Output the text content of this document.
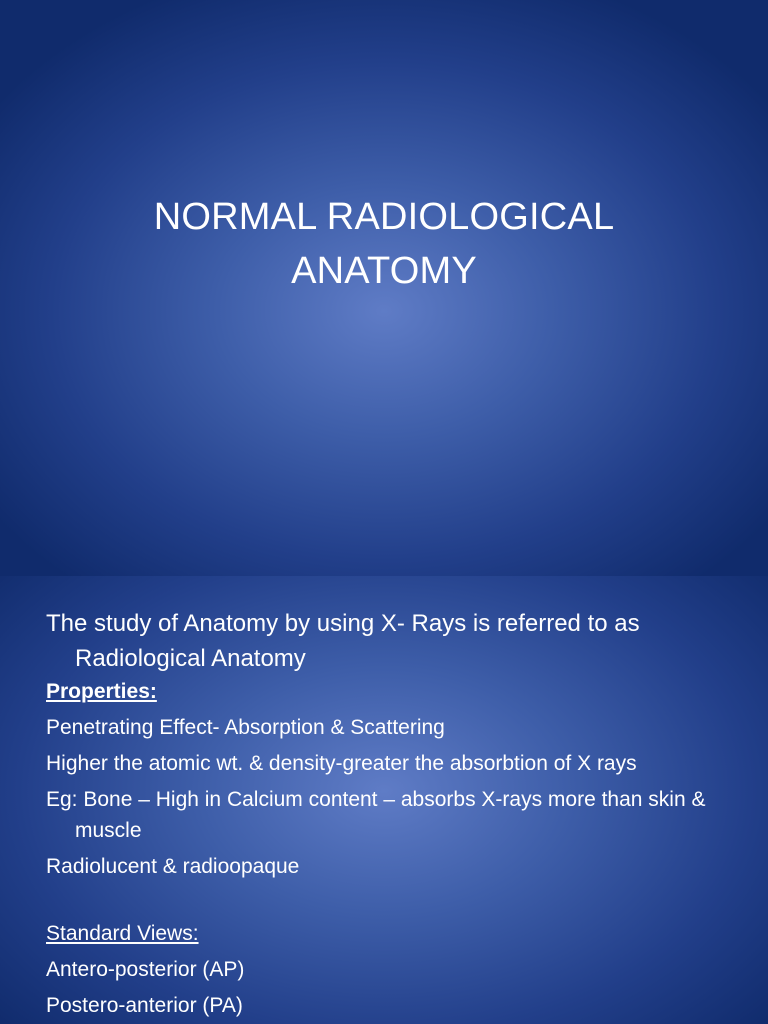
NORMAL RADIOLOGICAL
ANATOMY

The study of Anatomy by using X- Rays is referred to as Radiological Anatomy

Properties:

Penetrating Effect- Absorption & Scattering

Higher the atomic wt. & density-greater the absorbtion of X rays

Eg: Bone – High in Calcium content – absorbs X-rays more than skin & muscle

Radiolucent & radioopaque

Standard Views:

Antero-posterior (AP)

Postero-anterior (PA)
